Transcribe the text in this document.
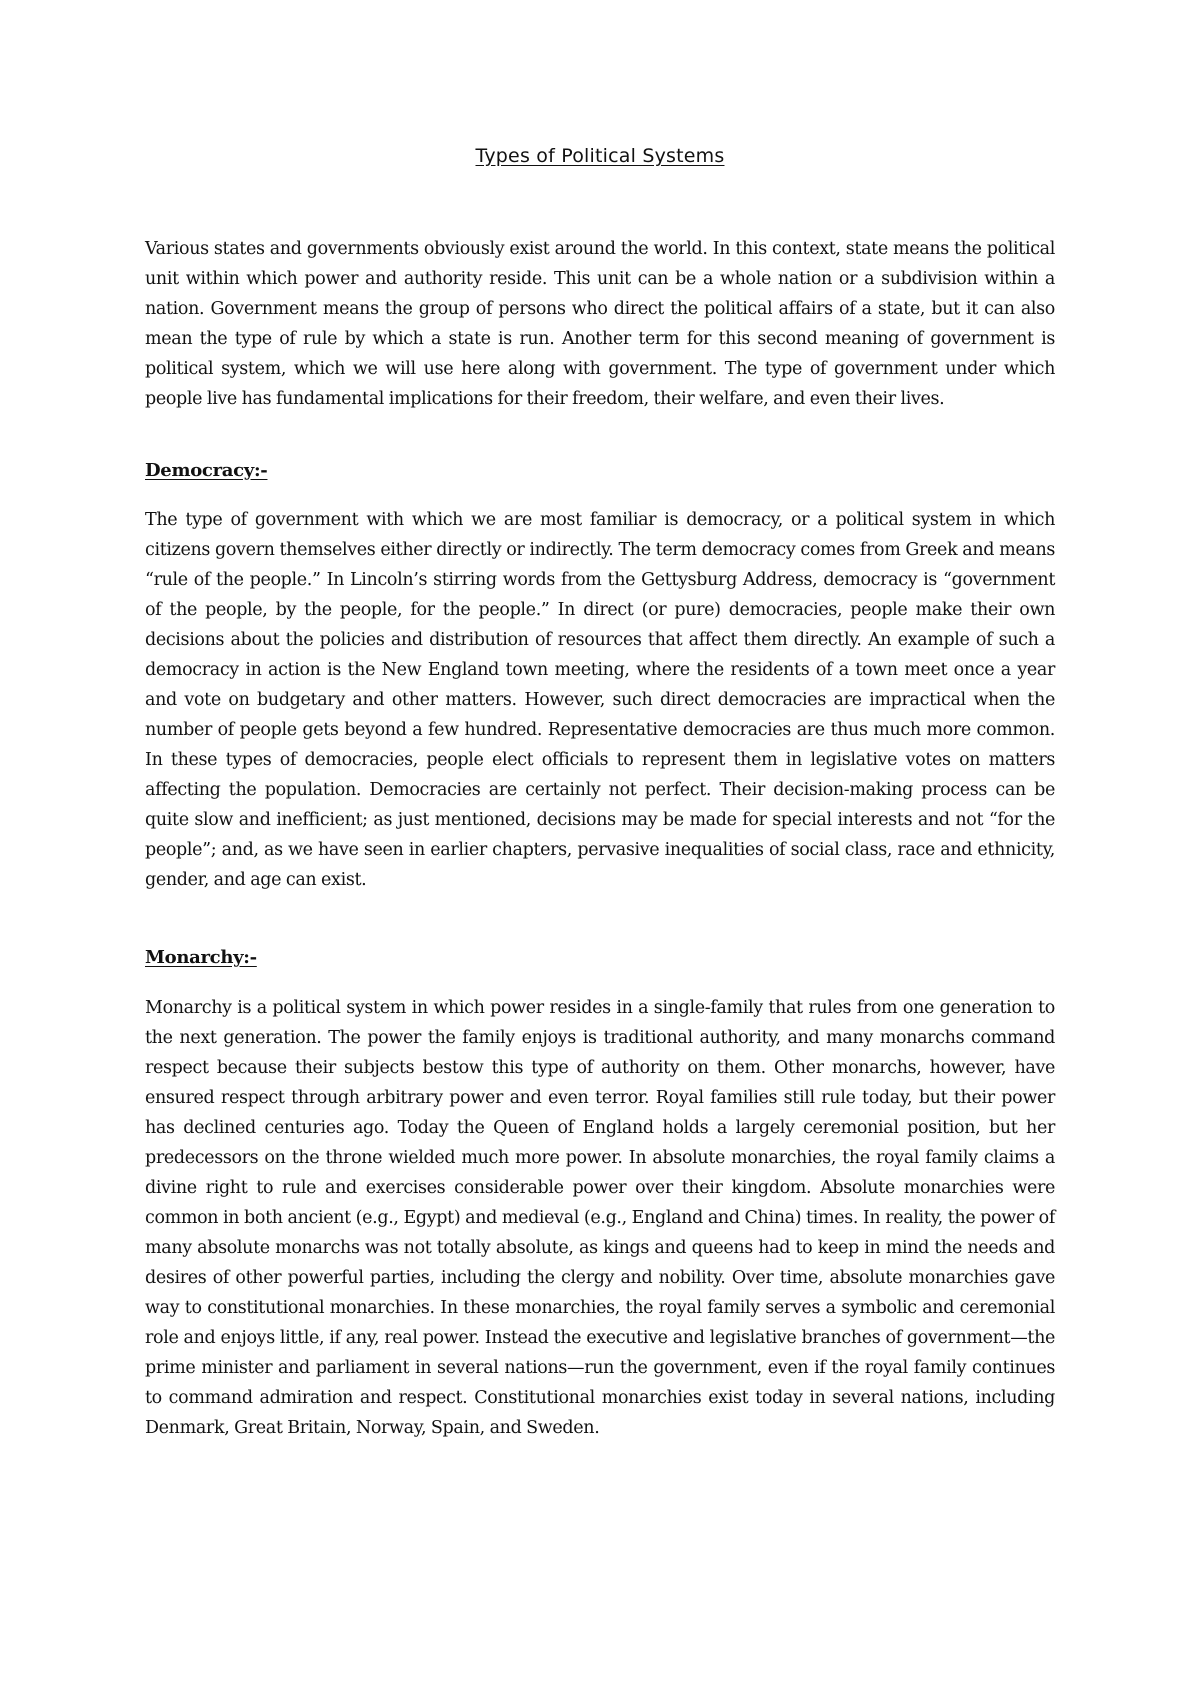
Types of Political Systems

Various states and governments obviously exist around the world. In this context, state means the political unit within which power and authority reside. This unit can be a whole nation or a subdivision within a nation. Government means the group of persons who direct the political affairs of a state, but it can also mean the type of rule by which a state is run. Another term for this second meaning of government is political system, which we will use here along with government. The type of government under which people live has fundamental implications for their freedom, their welfare, and even their lives.

Democracy:-

The type of government with which we are most familiar is democracy, or a political system in which citizens govern themselves either directly or indirectly. The term democracy comes from Greek and means “rule of the people.” In Lincoln’s stirring words from the Gettysburg Address, democracy is “government of the people, by the people, for the people.” In direct (or pure) democracies, people make their own decisions about the policies and distribution of resources that affect them directly. An example of such a democracy in action is the New England town meeting, where the residents of a town meet once a year and vote on budgetary and other matters. However, such direct democracies are impractical when the number of people gets beyond a few hundred. Representative democracies are thus much more common. In these types of democracies, people elect officials to represent them in legislative votes on matters affecting the population. Democracies are certainly not perfect. Their decision-making process can be quite slow and inefficient; as just mentioned, decisions may be made for special interests and not “for the people”; and, as we have seen in earlier chapters, pervasive inequalities of social class, race and ethnicity, gender, and age can exist.

Monarchy:-

Monarchy is a political system in which power resides in a single-family that rules from one generation to the next generation. The power the family enjoys is traditional authority, and many monarchs command respect because their subjects bestow this type of authority on them. Other monarchs, however, have ensured respect through arbitrary power and even terror. Royal families still rule today, but their power has declined centuries ago. Today the Queen of England holds a largely ceremonial position, but her predecessors on the throne wielded much more power. In absolute monarchies, the royal family claims a divine right to rule and exercises considerable power over their kingdom. Absolute monarchies were common in both ancient (e.g., Egypt) and medieval (e.g., England and China) times. In reality, the power of many absolute monarchs was not totally absolute, as kings and queens had to keep in mind the needs and desires of other powerful parties, including the clergy and nobility. Over time, absolute monarchies gave way to constitutional monarchies. In these monarchies, the royal family serves a symbolic and ceremonial role and enjoys little, if any, real power. Instead the executive and legislative branches of government—the prime minister and parliament in several nations—run the government, even if the royal family continues to command admiration and respect. Constitutional monarchies exist today in several nations, including Denmark, Great Britain, Norway, Spain, and Sweden.
